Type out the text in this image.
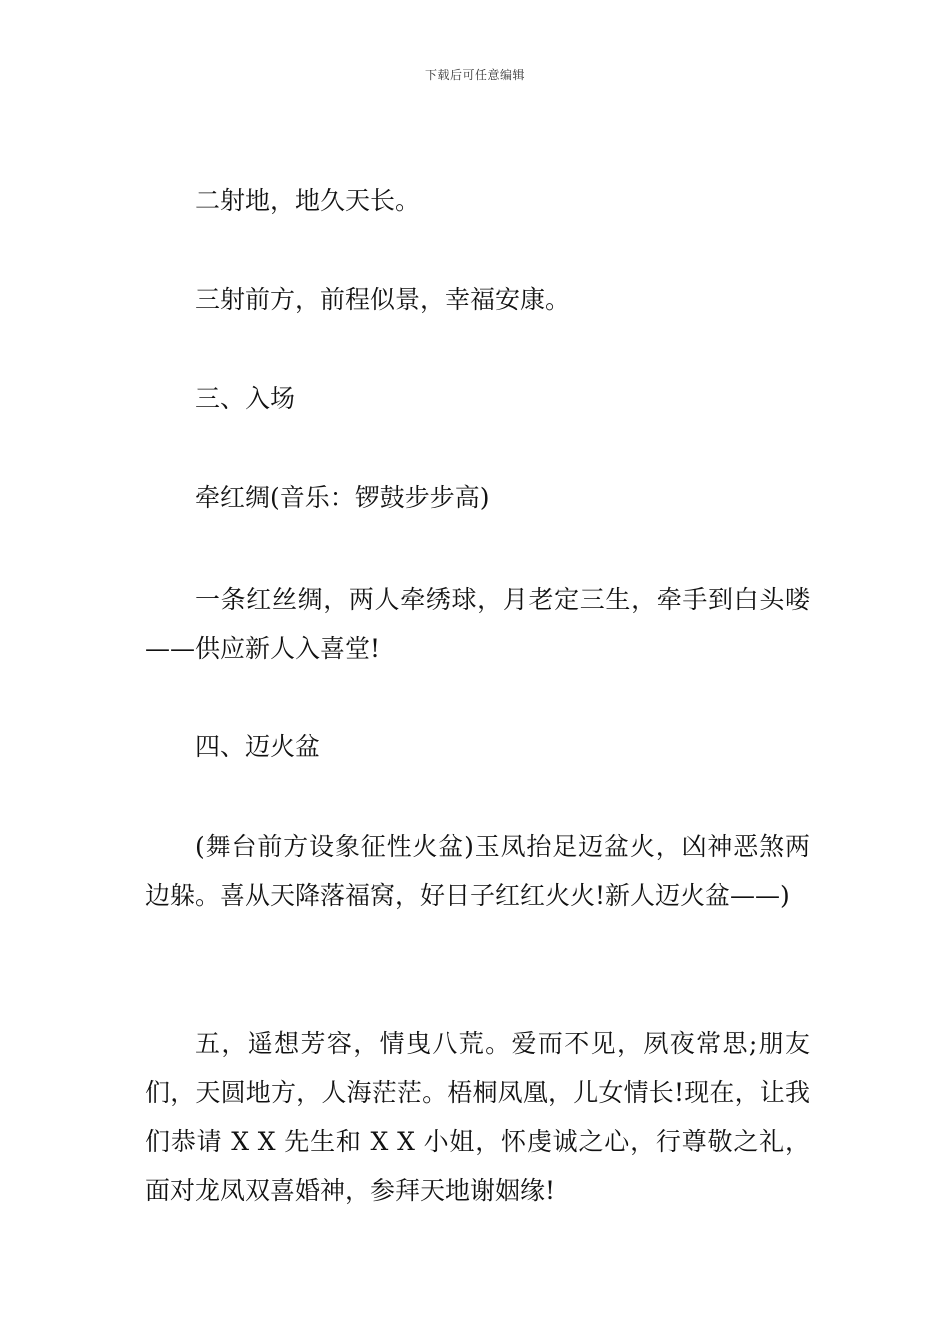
下载后可任意编辑

二射地，地久天长。

三射前方，前程似景，幸福安康。

三、入场

牵红绸(音乐：锣鼓步步高)

一条红丝绸，两人牵绣球，月老定三生，牵手到白头喽——供应新人入喜堂!

四、迈火盆

(舞台前方设象征性火盆)玉凤抬足迈盆火，凶神恶煞两边躲。喜从天降落福窝，好日子红红火火!新人迈火盆——)

五，遥想芳容，情曳八荒。爱而不见，夙夜常思;朋友们，天圆地方，人海茫茫。梧桐凤凰，儿女情长!现在，让我们恭请 X X 先生和 X X 小姐，怀虔诚之心，行尊敬之礼，面对龙凤双喜婚神，参拜天地谢姻缘!
